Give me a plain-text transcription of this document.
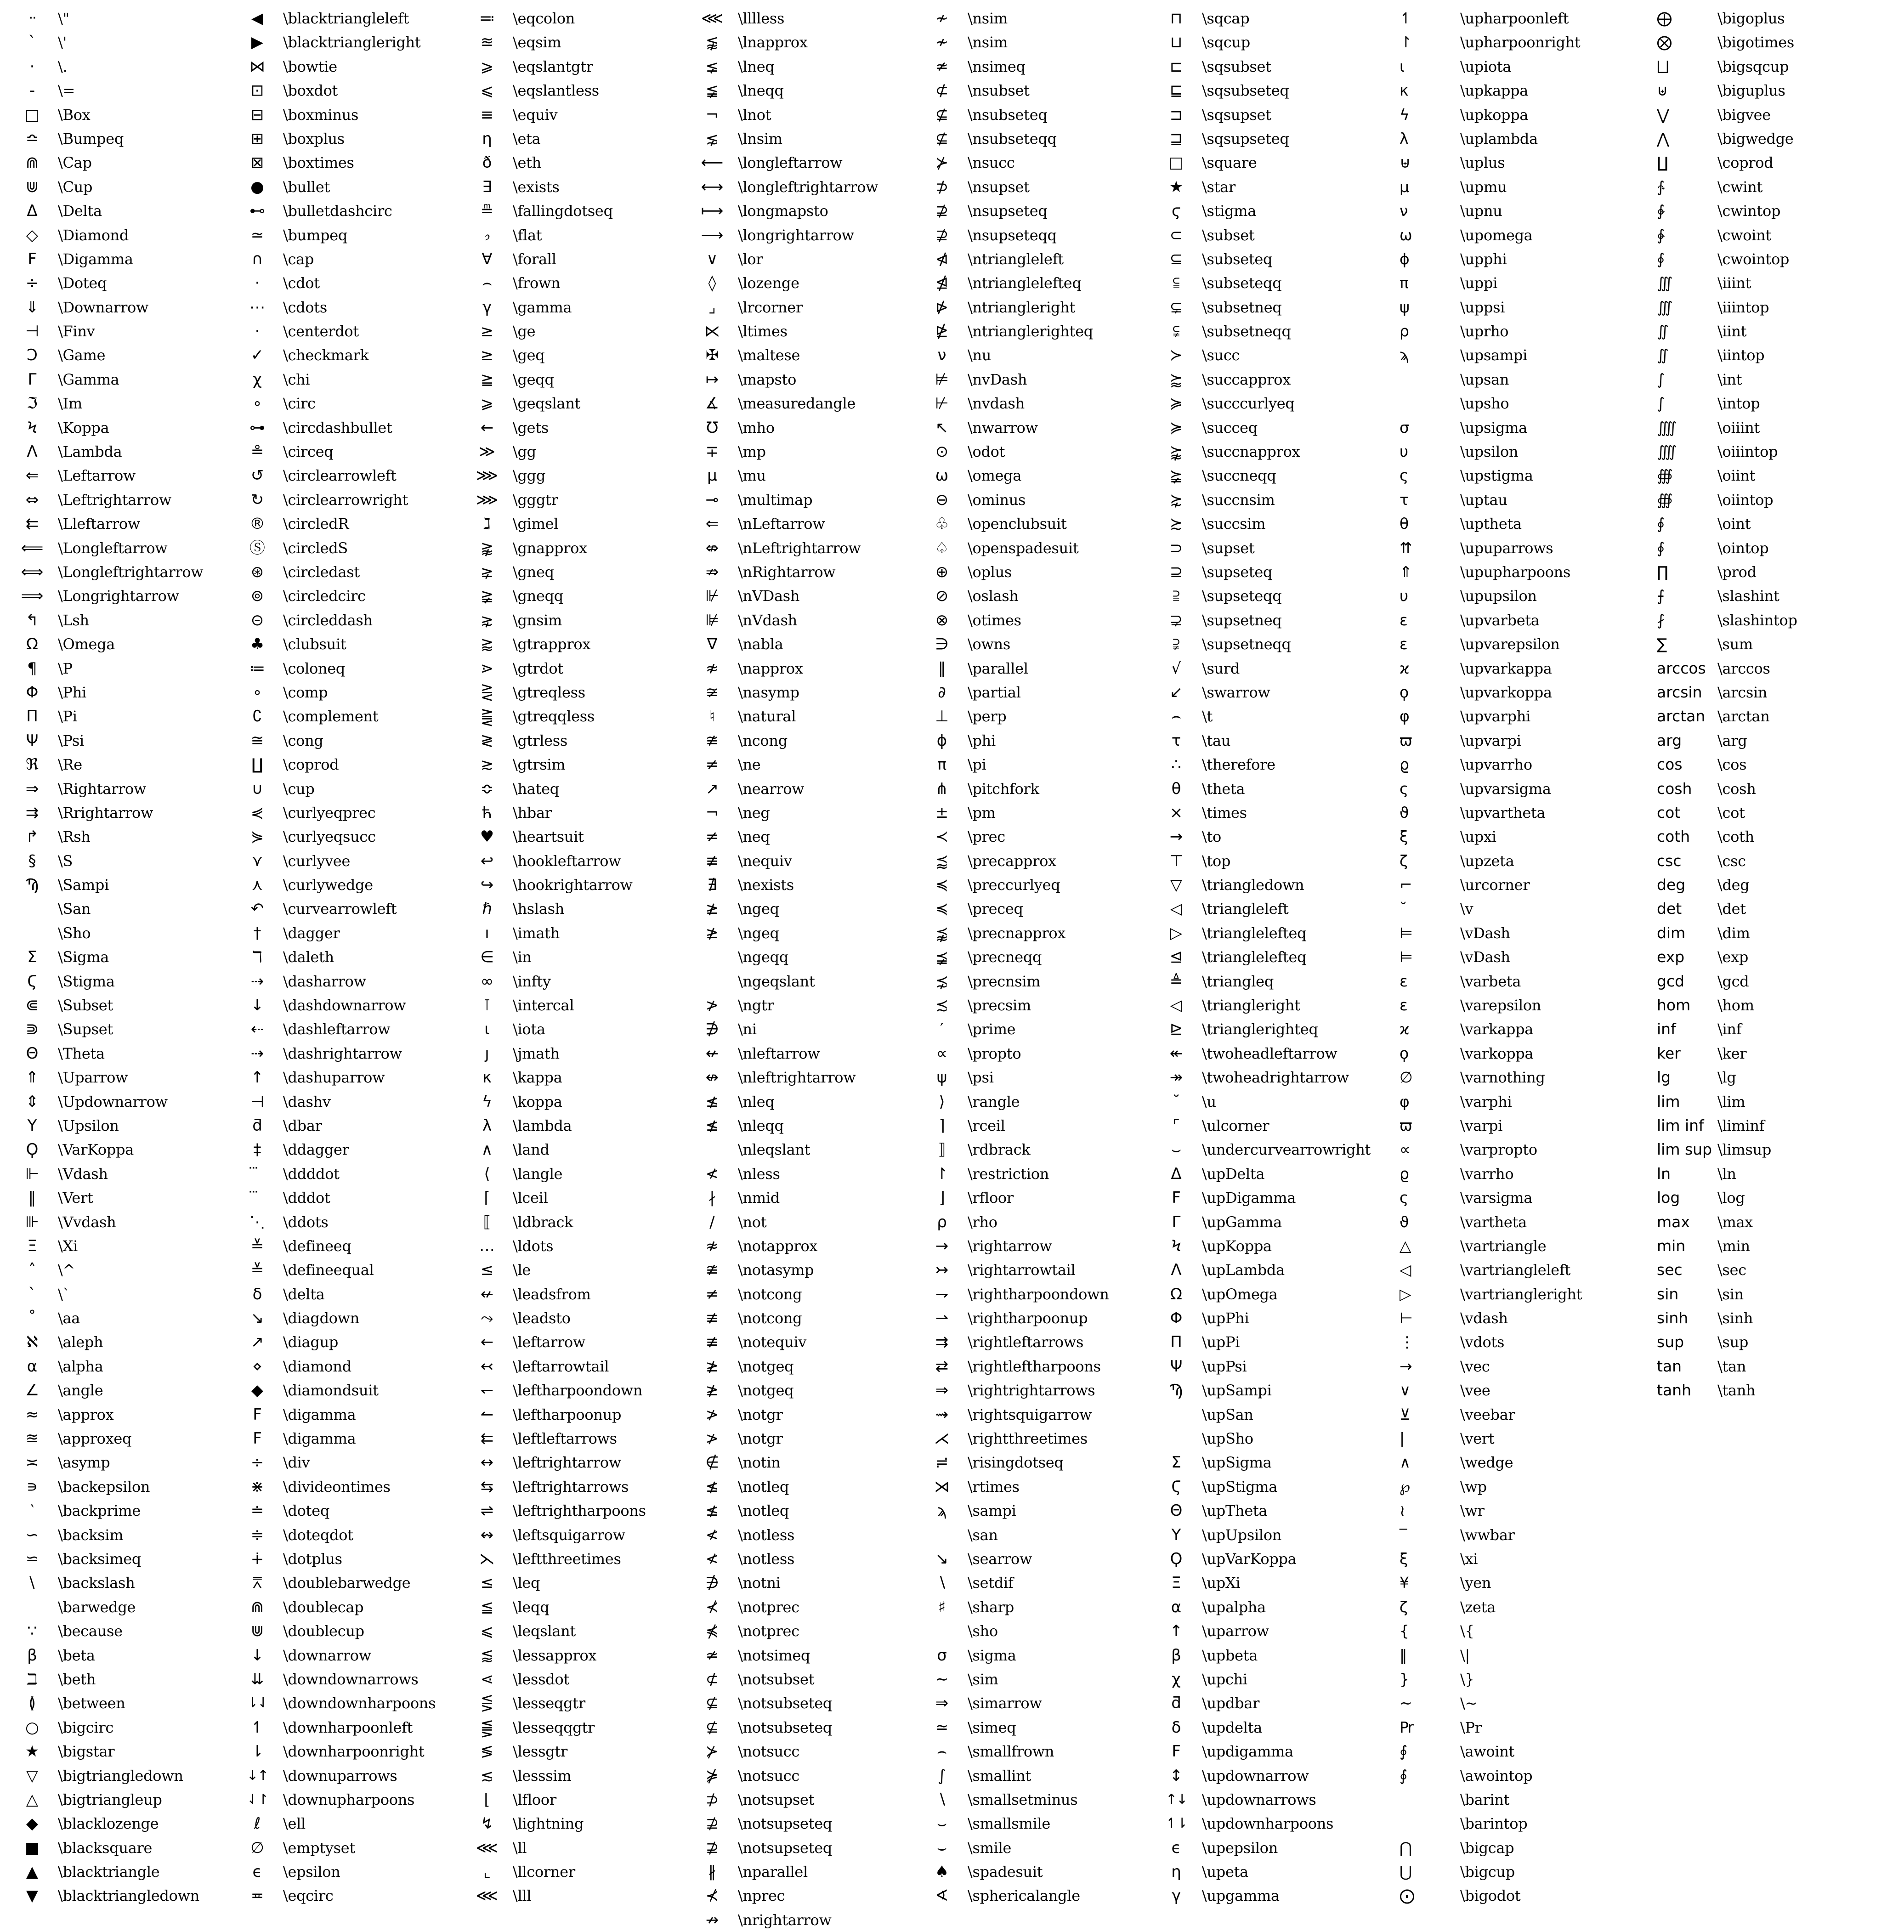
··	\"
`	\'
·	\.
-	\=
□	\Box
≏	\Bumpeq
⋒	\Cap
⋓	\Cup
Δ	\Delta
◇	\Diamond
Ϝ	\Digamma
÷	\Doteq
⇓	\Downarrow
⊣	\Finv
Ɔ	\Game
Γ	\Gamma
ℑ	\Im
Ϟ	\Koppa
Λ	\Lambda
⇐	\Leftarrow
⇔	\Leftrightarrow
⇇	\Lleftarrow
⟸ \Longleftarrow
⟺ \Longleftrightarrow
⟹ \Longrightarrow
↰	\Lsh
Ω	\Omega
¶	\P
Φ	\Phi
Π	\Pi
Ψ	\Psi
ℜ	\Re
⇒	\Rightarrow
⇉	\Rrightarrow
↱	\Rsh
§	\S
Ϡ	\Sampi
\San
\Sho
Σ	\Sigma
Ϛ	\Stigma
⋐	\Subset
⋑	\Supset
Θ	\Theta
⇑	\Uparrow
⇕	\Updownarrow
Υ	\Upsilon
Ϙ	\VarKoppa
⊩	\Vdash
‖	\Vert
⊪	\Vvdash
Ξ	\Xi
˄	\^
ˋ	\`
˚	\aa
ℵ	\aleph
α	\alpha
∠	\angle
≈	\approx
≊	\approxeq
≍	\asymp
∍	\backepsilon
‵	\backprime
∽	\backsim
⋍	\backsimeq
\	\backslash
\barwedge
∵	\because
β	\beta
ℶ	\beth
≬	\between
○	\bigcirc
★	\bigstar
▽	\bigtriangledown
△	\bigtriangleup
◆	\blacklozenge
■	\blacksquare
▲	\blacktriangle
▼	\blacktriangledown
◀	\blacktriangleleft
▶	\blacktriangleright
⋈	\bowtie
⊡	\boxdot
⊟	\boxminus
⊞	\boxplus
⊠	\boxtimes
●	\bullet
⊷	\bulletdashcirc
≃	\bumpeq
∩	\cap
·	\cdot
⋯	\cdots
·	\centerdot
✓	\checkmark
χ	\chi
∘	\circ
⊶	\circdashbullet
≗	\circeq
↺	\circlearrowleft
↻	\circlearrowright
®	\circledR
Ⓢ	\circledS
⊛	\circledast
⊚	\circledcirc
⊝	\circleddash
♣	\clubsuit
≔	\coloneq
∘	\comp
∁	\complement
≅	\cong
∐	\coprod
∪	\cup
⋞	\curlyeqprec
⋟	\curlyeqsucc
⋎	\curlyvee
⋏	\curlywedge
↶	\curvearrowleft
†	\dagger
ℸ	\daleth
⇢	\dasharrow
↓	\dashdownarrow
⇠	\dashleftarrow
⇢	\dashrightarrow
↑	\dashuparrow
⊣	\dashv
ƌ	\dbar
‡	\ddagger
\ddddot
\dddot
⋱	\ddots
≚	\defineeq
≚	\defineequal
δ	\delta
↘	\diagdown
↗	\diagup
⋄	\diamond
◆	\diamondsuit
Ϝ	\digamma
Ϝ	\digamma
÷	\div
⋇	\divideontimes
≐	\doteq
≑	\doteqdot
∔	\dotplus
⩞	\doublebarwedge
⋒	\doublecap
⋓	\doublecup
↓	\downarrow
⇊	\downdownarrows
⇂⇃	\downdownharpoons
↿	\downharpoonleft
⇂	\downharpoonright
↓↑	\downuparrows
⇃↾	\downupharpoons
ℓ	\ell
∅	\emptyset
ϵ	\epsilon
≖	\eqcirc
≕	\eqcolon
≊	\eqsim
⩾	\eqslantgtr
⩽	\eqslantless
≡	\equiv
η	\eta
ð	\eth
∃	\exists
≞	\fallingdotseq
♭	\flat
∀	\forall
⌢	\frown
γ	\gamma
≥	\ge
≥	\geq
≧	\geqq
⩾	\geqslant
←	\gets
≫	\gg
⋙ \ggg
⋙ \gggtr
ℷ	\gimel
⪊	\gnapprox
⪈	\gneq
≩	\gneqq
⋧	\gnsim
⪆	\gtrapprox
⋗	\gtrdot
⋛	\gtreqless
⪌	\gtreqqless
≷	\gtrless
≳	\gtrsim
≎	\hateq
ћ	\hbar
♥	\heartsuit
↩	\hookleftarrow
↪	\hookrightarrow
ℏ	\hslash
ı	\imath
∈	\in
∞	\infty
⊺	\intercal
ι	\iota
ȷ	\jmath
κ	\kappa
ϟ	\koppa
λ	\lambda
∧	\land
⟨	\langle
⌈	\lceil
⟦	\ldbrack
…	\ldots
≤	\le
↚	\leadsfrom
⤳	\leadsto
←	\leftarrow
↢	\leftarrowtail
↽	\leftharpoondown
↼	\leftharpoonup
⇇	\leftleftarrows
↔	\leftrightarrow
⇆	\leftrightarrows
⇌	\leftrightharpoons
↭	\leftsquigarrow
⋋	\leftthreetimes
≤	\leq
≦	\leqq
⩽	\leqslant
⪅	\lessapprox
⋖	\lessdot
⋚	\lesseqgtr
⪋	\lesseqqgtr
≶	\lessgtr
≲	\lesssim
⌊	\lfloor
↯	\lightning
⋘ \ll
⌞	\llcorner
⋘ \lll
⋘ \lllless
⪉	\lnapprox
⪇	\lneq
≨	\lneqq
¬	\lnot
⋦	\lnsim
⟵ \longleftarrow
⟷ \longleftrightarrow
⟼ \longmapsto
⟶ \longrightarrow
∨	\lor
◊	\lozenge
⌟	\lrcorner
⋉	\ltimes
✠	\maltese
↦	\mapsto
∡	\measuredangle
℧	\mho
∓	\mp
μ	\mu
⊸	\multimap
⇐	\nLeftarrow
⇎	\nLeftrightarrow
⇏	\nRightarrow
⊮	\nVDash
⊯	\nVdash
∇	\nabla
≉	\napprox
≆	\nasymp
♮	\natural
≇	\ncong
≠	\ne
↗	\nearrow
¬	\neg
≠	\neq
≢	\nequiv
∄	\nexists
≱	\ngeq
≱	\ngeq
\ngeqq
\ngeqslant
≯	\ngtr
∌	\ni
↚	\nleftarrow
↮	\nleftrightarrow
≰	\nleq
≰	\nleqq
\nleqslant
≮	\nless
∤	\nmid
/	\not
≉	\notapprox
≇	\notasymp
≠	\notcong
≢	\notcong
≢	\notequiv
≱	\notgeq
≱	\notgeq
≯	\notgr
≯	\notgr
∉	\notin
≰	\notleq
≰	\notleq
≮	\notless
≮	\notless
∌	\notni
⊀	\notprec
⋠	\notprec
≄	\notsimeq
⊄	\notsubset
⊈	\notsubseteq
⊈	\notsubseteq
⊁	\notsucc
⋡	\notsucc
⊅	\notsupset
⊉	\notsupseteq
⊉	\notsupseteq
∦	\nparallel
⊀	\nprec
↛	\nrightarrow
≁	\nsim
≁	\nsim
≄	\nsimeq
⊄	\nsubset
⊈	\nsubseteq
⊈	\nsubseteqq
⊁	\nsucc
⊅	\nsupset
⊉	\nsupseteq
⊉	\nsupseteqq
⋪	\ntriangleleft
⋬	\ntrianglelefteq
⋫	\ntriangleright
⋭	\ntrianglerighteq
ν	\nu
⊭	\nvDash
⊬	\nvdash
↖	\nwarrow
⊙	\odot
ω	\omega
⊖	\ominus
♧	\openclubsuit
♤	\openspadesuit
⊕	\oplus
⊘	\oslash
⊗	\otimes
∋	\owns
∥	\parallel
∂	\partial
⊥	\perp
ϕ	\phi
π	\pi
⋔	\pitchfork
±	\pm
≺	\prec
⪷	\precapprox
≼	\preccurlyeq
≼	\preceq
⪹	\precnapprox
⪵	\precneqq
⋨	\precnsim
≾	\precsim
′	\prime
∝	\propto
ψ	\psi
⟩	\rangle
⌉	\rceil
⟧	\rdbrack
↾	\restriction
⌋	\rfloor
ρ	\rho
→	\rightarrow
↣	\rightarrowtail
⇁	\rightharpoondown
⇀	\rightharpoonup
⇉	\rightleftarrows
⇄	\rightleftharpoons
⇒	\rightrightarrows
⇝	\rightsquigarrow
⋌	\rightthreetimes
≓	\risingdotseq
⋊	\rtimes
ϡ	\sampi
\san
↘	\searrow
∖	\setdif
♯	\sharp
\sho
σ	\sigma
∼	\sim
⇒	\simarrow
≃	\simeq
⌢	\smallfrown
∫	\smallint
∖	\smallsetminus
⌣	\smallsmile
⌣	\smile
♠	\spadesuit
∢	\sphericalangle
⊓	\sqcap
⊔	\sqcup
⊏	\sqsubset
⊑	\sqsubseteq
⊐	\sqsupset
⊒	\sqsupseteq
□	\square
★	\star
ϛ	\stigma
⊂	\subset
⊆	\subseteq
⫅	\subseteqq
⊊	\subsetneq
⫋	\subsetneqq
≻	\succ
⪸	\succapprox
≽	\succcurlyeq
≽	\succeq
⪺	\succnapprox
⪶	\succneqq
⋩	\succnsim
≿	\succsim
⊃	\supset
⊇	\supseteq
⫆	\supseteqq
⊋	\supsetneq
⫌	\supsetneqq
√	\surd
↙	\swarrow
⌢	\t
τ	\tau
∴	\therefore
θ	\theta
×	\times
→	\to
⊤	\top
▽	\triangledown
◁	\triangleleft
▷	\trianglelefteq
⊴	\trianglelefteq
≜	\triangleq
◁	\triangleright
⊵	\trianglerighteq
↞	\twoheadleftarrow
↠	\twoheadrightarrow
˘	\u
⌜	\ulcorner
⌣	\undercurvearrowright
Δ	\upDelta
Ϝ	\upDigamma
Γ	\upGamma
Ϟ	\upKoppa
Λ	\upLambda
Ω	\upOmega
Φ	\upPhi
Π	\upPi
Ψ	\upPsi
Ϡ	\upSampi
\upSan
\upSho
Σ	\upSigma
Ϛ	\upStigma
Θ	\upTheta
Υ	\upUpsilon
Ϙ	\upVarKoppa
Ξ	\upXi
α	\upalpha
↑	\uparrow
β	\upbeta
χ	\upchi
ƌ	\updbar
δ	\updelta
Ϝ	\updigamma
↕	\updownarrow
↑↓	\updownarrows
↿⇂	\updownharpoons
ϵ	\upepsilon
η	\upeta
γ	\upgamma
↿	\upharpoonleft
↾	\upharpoonright
ι	\upiota
κ	\upkappa
ϟ	\upkoppa
λ	\uplambda
⊎	\uplus
μ	\upmu
ν	\upnu
ω	\upomega
ϕ	\upphi
π	\uppi
ψ	\uppsi
ρ	\uprho
ϡ	\upsampi
\upsan
\upsho
σ	\upsigma
υ	\upsilon
ς	\upstigma
τ	\uptau
θ	\uptheta
⇈	\upuparrows
⇑	\upupharpoons
υ	\upupsilon
ɛ	\upvarbeta
ε	\upvarepsilon
ϰ	\upvarkappa
ϙ	\upvarkoppa
φ	\upvarphi
ϖ	\upvarpi
ϱ	\upvarrho
ς	\upvarsigma
ϑ	\upvartheta
ξ	\upxi
ζ	\upzeta
⌐	\urcorner
˘	\v
⊨	\vDash
⊨	\vDash
ɛ	\varbeta
ε	\varepsilon
ϰ	\varkappa
ϙ	\varkoppa
∅	\varnothing
φ	\varphi
ϖ	\varpi
∝	\varpropto
ϱ	\varrho
ς	\varsigma
ϑ	\vartheta
△	\vartriangle
◁	\vartriangleleft
▷	\vartriangleright
⊢	\vdash
⋮	\vdots
→	\vec
∨	\vee
⊻	\veebar
|	\vert
∧	\wedge
℘	\wp
≀	\wr
‾	\wwbar
ξ	\xi
¥	\yen
ζ	\zeta
{	\{
‖	\|
}	\}
~	\~
Pr	\Pr
∮	\awoint
∮	\awointop
\barint
\barintop
⋂	\bigcap
⋃	\bigcup
⨀	\bigodot
⨁	\bigoplus
⨂	\bigotimes
⨆	\bigsqcup
⊎	\biguplus
⋁	\bigvee
⋀	\bigwedge
∐	\coprod
∱	\cwint
∲	\cwintop
∳	\cwoint
∮	\cwointop
∭	\iiint
∭	\iiintop
∬	\iint
∬	\iintop
∫	\int
∫	\intop
⨌	\oiiint
⨌	\oiiintop
∰	\oiint
∰	\oiintop
∮	\oint
∮	\ointop
∏	\prod
⨍	\slashint
⨏	\slashintop
∑	\sum
arccos \arccos
arcsin	\arcsin
arctan \arctan
arg	\arg
cos	\cos
cosh	\cosh
cot	\cot
coth	\coth
csc	\csc
deg	\deg
det	\det
dim	\dim
exp	\exp
gcd	\gcd
hom	\hom
inf	\inf
ker	\ker
lg	\lg
lim	\lim
lim inf \liminf
lim sup \limsup
ln	\ln
log	\log
max	\max
min	\min
sec	\sec
sin	\sin
sinh	\sinh
sup	\sup
tan	\tan
tanh	\tanh
